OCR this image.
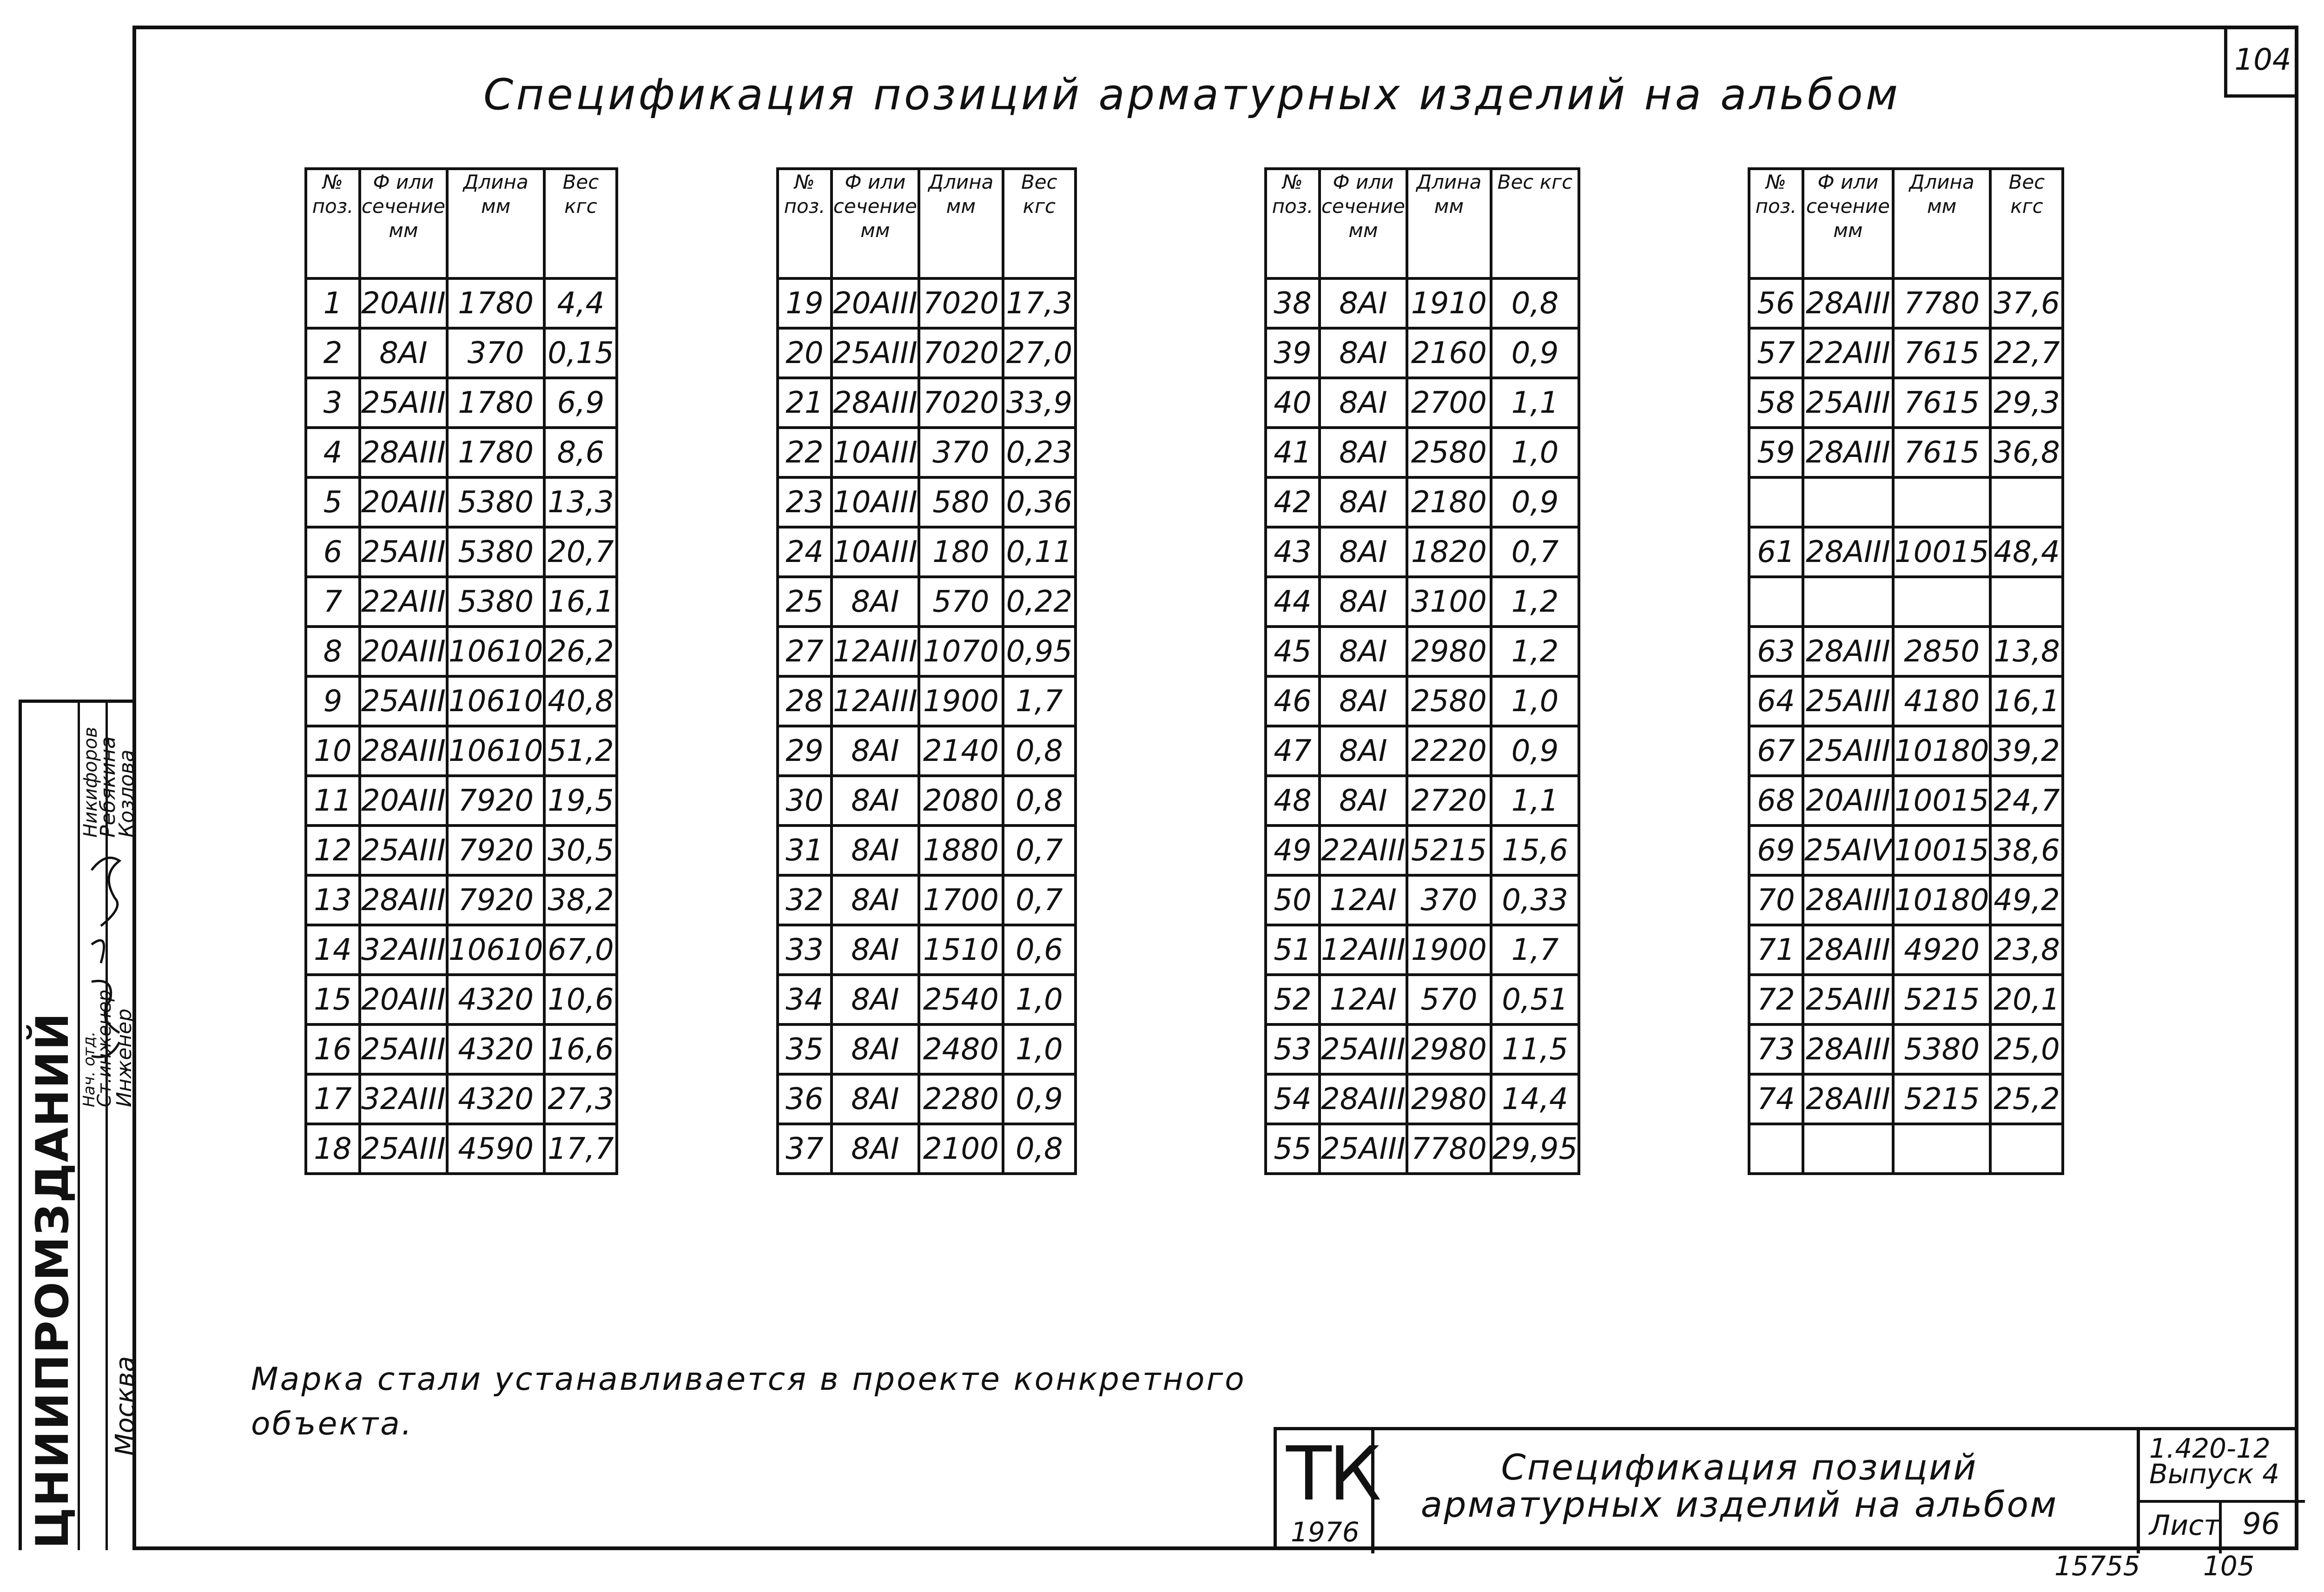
104
Спецификация позиций арматурных изделий на альбом
№ поз.	Ф или сечение мм	Длина мм	Вес кгс
1	20АIII	1780	4,4
2	8АI	370	0,15
3	25АIII	1780	6,9
4	28АIII	1780	8,6
5	20АIII	5380	13,3
6	25АIII	5380	20,7
7	22АIII	5380	16,1
8	20АIII	10610	26,2
9	25АIII	10610	40,8
10	28АIII	10610	51,2
11	20АIII	7920	19,5
12	25АIII	7920	30,5
13	28АIII	7920	38,2
14	32АIII	10610	67,0
15	20АIII	4320	10,6
16	25АIII	4320	16,6
17	32АIII	4320	27,3
18	25АIII	4590	17,7
№ поз.	Ф или сечение мм	Длина мм	Вес кгс
19	20АIII	7020	17,3
20	25АIII	7020	27,0
21	28АIII	7020	33,9
22	10АIII	370	0,23
23	10АIII	580	0,36
24	10АIII	180	0,11
25	8АI	570	0,22
27	12АIII	1070	0,95
28	12АIII	1900	1,7
29	8АI	2140	0,8
30	8АI	2080	0,8
31	8АI	1880	0,7
32	8АI	1700	0,7
33	8АI	1510	0,6
34	8АI	2540	1,0
35	8АI	2480	1,0
36	8АI	2280	0,9
37	8АI	2100	0,8
№ поз.	Ф или сечение мм	Длина мм	Вес кгс
38	8АI	1910	0,8
39	8АI	2160	0,9
40	8АI	2700	1,1
41	8АI	2580	1,0
42	8АI	2180	0,9
43	8АI	1820	0,7
44	8АI	3100	1,2
45	8АI	2980	1,2
46	8АI	2580	1,0
47	8АI	2220	0,9
48	8АI	2720	1,1
49	22АIII	5215	15,6
50	12АI	370	0,33
51	12АIII	1900	1,7
52	12АI	570	0,51
53	25АIII	2980	11,5
54	28АIII	2980	14,4
55	25АIII	7780	29,95
№ поз.	Ф или сечение мм	Длина мм	Вес кгс
56	28АIII	7780	37,6
57	22АIII	7615	22,7
58	25АIII	7615	29,3
59	28АIII	7615	36,8

61	28АIII	10015	48,4

63	28АIII	2850	13,8
64	25АIII	4180	16,1
67	25АIII	10180	39,2
68	20АIII	10015	24,7
69	25АIV	10015	38,6
70	28АIII	10180	49,2
71	28АIII	4920	23,8
72	25АIII	5215	20,1
73	28АIII	5380	25,0
74	28АIII	5215	25,2

Марка стали устанавливается в проекте конкретного
объекта.
ЦНИИПРОМЗДАНИЙ Москва
Нач. отд.
Ст.инженер
Инженер
Никифоров
Ребякина
Козлова
ТК
1976
Спецификация позиций арматурных изделий на альбом
1.420-12
Выпуск 4
Лист 96
15755 105
